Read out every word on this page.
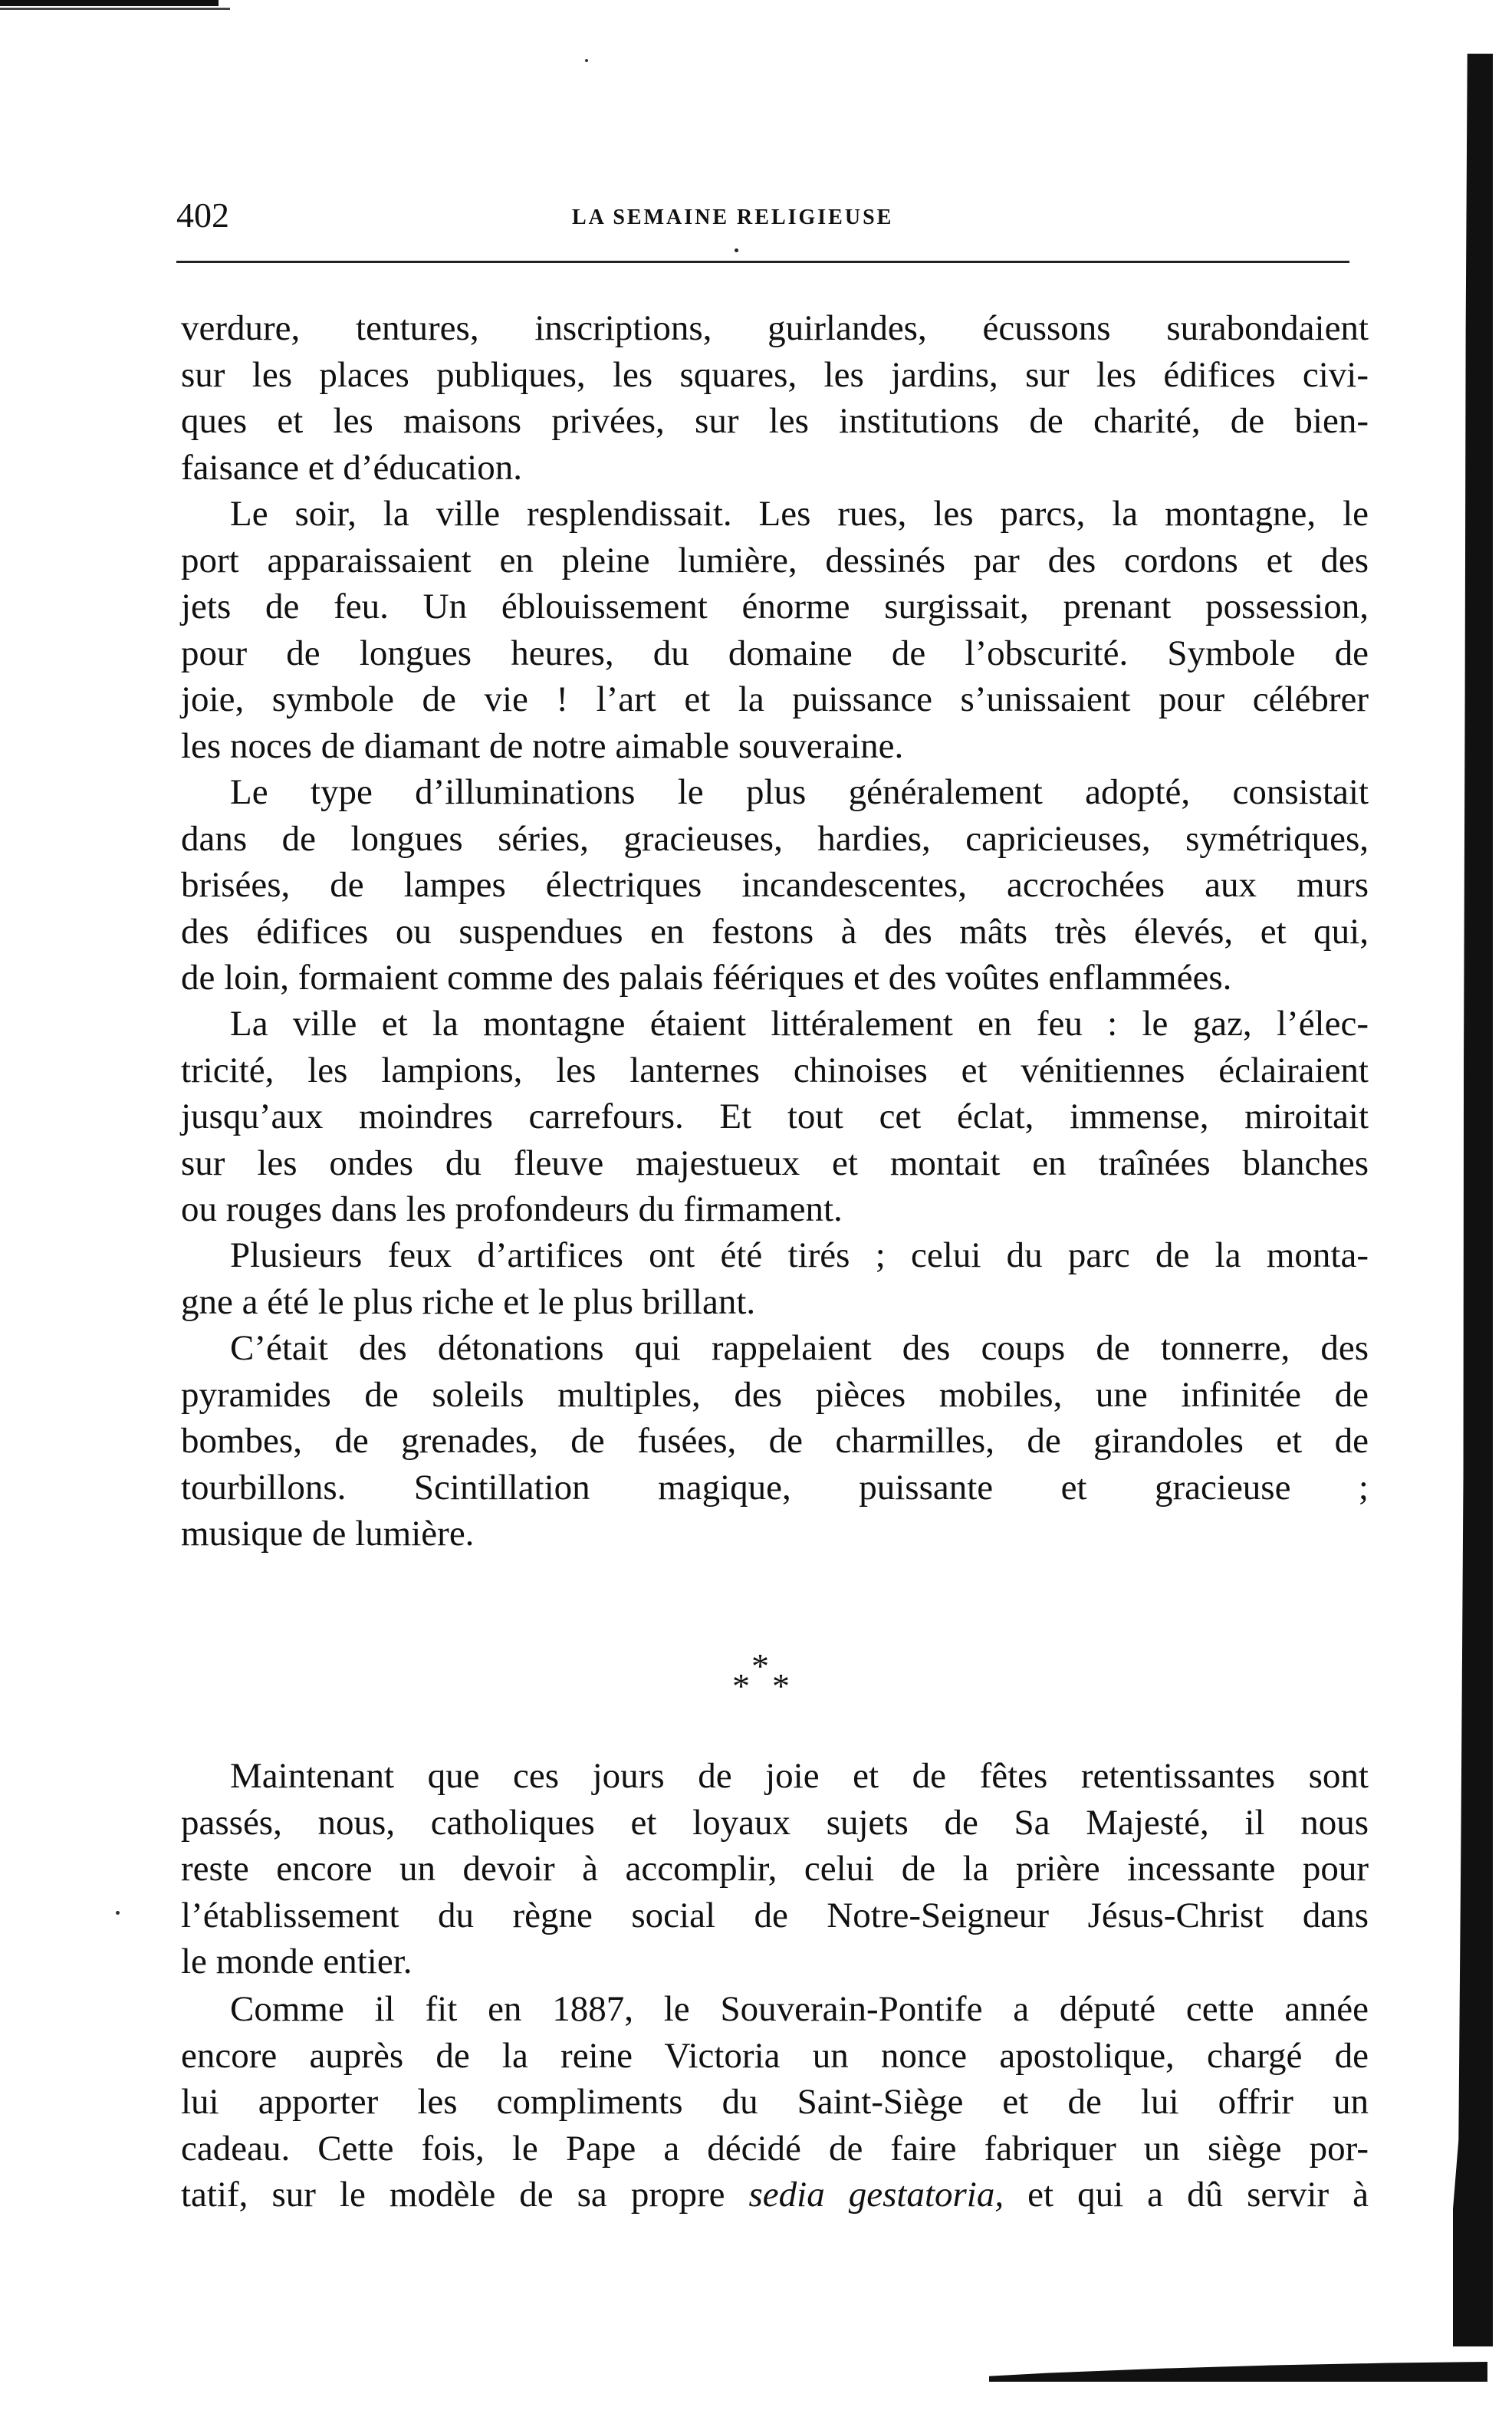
402	LA SEMAINE RELIGIEUSE
verdure, tentures, inscriptions, guirlandes, écussons surabondaient
sur les places publiques, les squares, les jardins, sur les édifices civi-
ques et les maisons privées, sur les institutions de charité, de bien-
faisance et d’éducation.
Le soir, la ville resplendissait. Les rues, les parcs, la montagne, le
port apparaissaient en pleine lumière, dessinés par des cordons et des
jets de feu. Un éblouissement énorme surgissait, prenant possession,
pour de longues heures, du domaine de l’obscurité. Symbole de
joie, symbole de vie ! l’art et la puissance s’unissaient pour célébrer
les noces de diamant de notre aimable souveraine.
Le type d’illuminations le plus généralement adopté, consistait
dans de longues séries, gracieuses, hardies, capricieuses, symétriques,
brisées, de lampes électriques incandescentes, accrochées aux murs
des édifices ou suspendues en festons à des mâts très élevés, et qui,
de loin, formaient comme des palais féériques et des voûtes enflammées.
La ville et la montagne étaient littéralement en feu : le gaz, l’élec-
tricité, les lampions, les lanternes chinoises et vénitiennes éclairaient
jusqu’aux moindres carrefours. Et tout cet éclat, immense, miroitait
sur les ondes du fleuve majestueux et montait en traînées blanches
ou rouges dans les profondeurs du firmament.
Plusieurs feux d’artifices ont été tirés ; celui du parc de la monta-
gne a été le plus riche et le plus brillant.
C’était des détonations qui rappelaient des coups de tonnerre, des
pyramides de soleils multiples, des pièces mobiles, une infinitée de
bombes, de grenades, de fusées, de charmilles, de girandoles et de
tourbillons. Scintillation magique, puissante et gracieuse ;
musique de lumière.
*
* *
Maintenant que ces jours de joie et de fêtes retentissantes sont
passés, nous, catholiques et loyaux sujets de Sa Majesté, il nous
reste encore un devoir à accomplir, celui de la prière incessante pour
l’établissement du règne social de Notre-Seigneur Jésus-Christ dans
le monde entier.
Comme il fit en 1887, le Souverain-Pontife a député cette année
encore auprès de la reine Victoria un nonce apostolique, chargé de
lui apporter les compliments du Saint-Siège et de lui offrir un
cadeau. Cette fois, le Pape a décidé de faire fabriquer un siège por-
tatif, sur le modèle de sa propre sedia gestatoria, et qui a dû servir à
